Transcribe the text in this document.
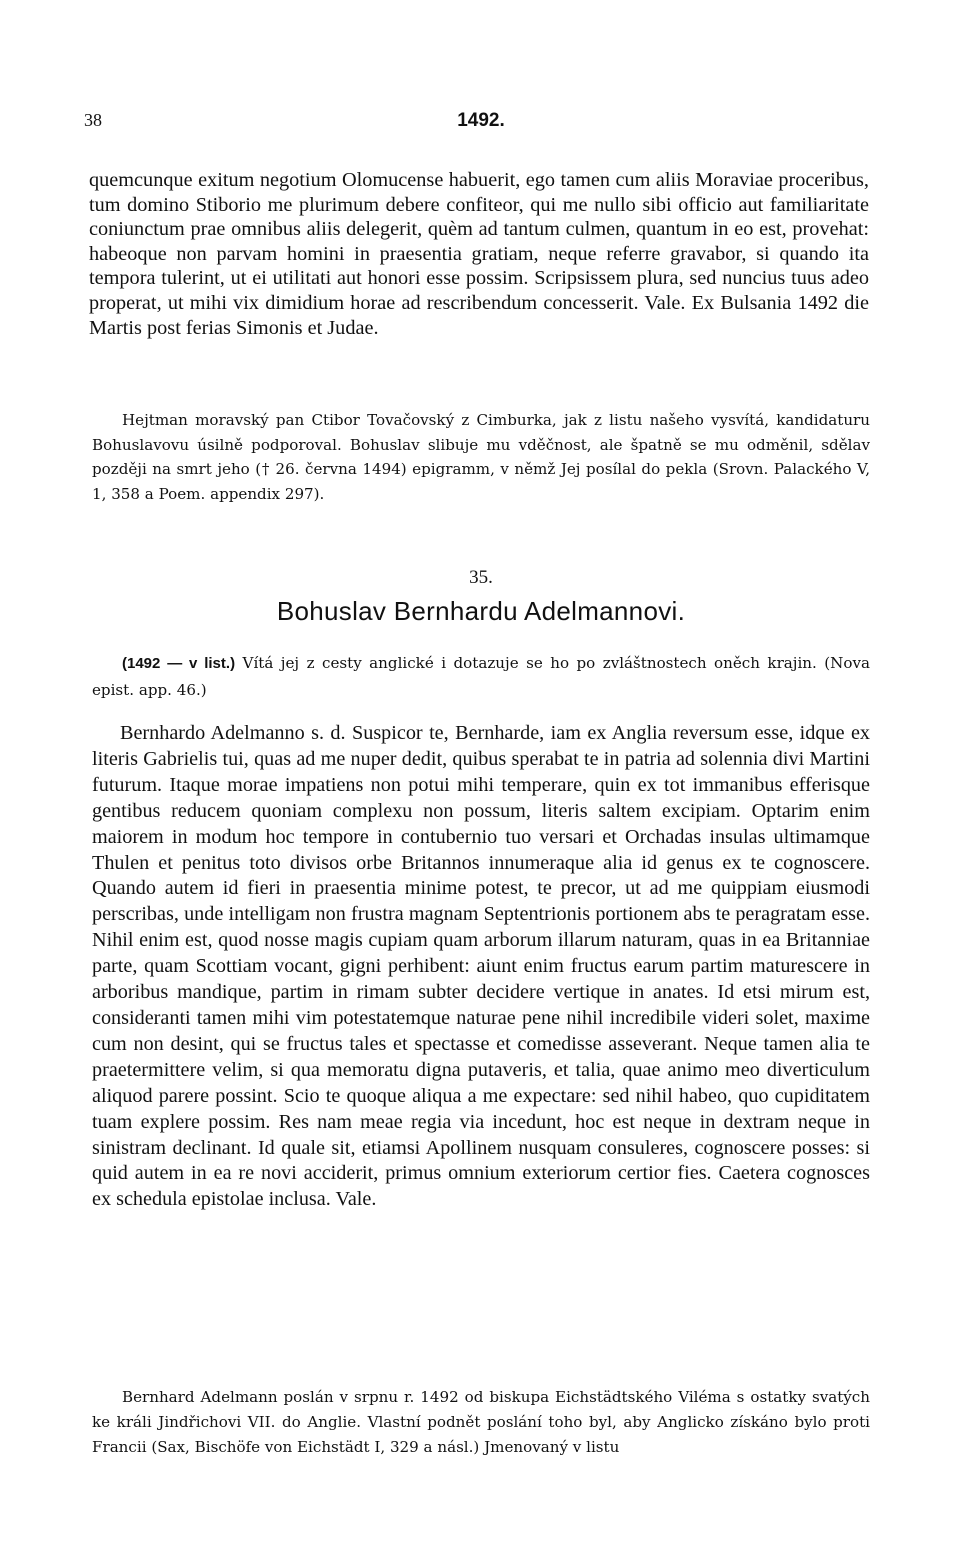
38	1492.

quemcunque exitum negotium Olomucense habuerit, ego tamen cum aliis Moraviae proceribus, tum domino Stiborio me plurimum debere confiteor, qui me nullo sibi officio aut familiaritate coniunctum prae omnibus aliis delegerit, quèm ad tantum culmen, quantum in eo est, provehat: habeoque non parvam homini in praesentia gratiam, neque referre gravabor, si quando ita tempora tulerint, ut ei utilitati aut honori esse possim. Scripsissem plura, sed nuncius tuus adeo properat, ut mihi vix dimidium horae ad rescribendum concesserit. Vale. Ex Bulsania 1492 die Martis post ferias Simonis et Judae.

Hejtman moravský pan Ctibor Tovačovský z Cimburka, jak z listu našeho vysvítá, kandidaturu Bohuslavovu úsilně podporoval. Bohuslav slibuje mu vděčnost, ale špatně se mu odměnil, sdělav později na smrt jeho († 26. června 1494) epigramm, v němž Jej posílal do pekla (Srovn. Palackého V, 1, 358 a Poem. appendix 297).

35.
Bohuslav Bernhardu Adelmannovi.

(1492 — v list.) Vítá jej z cesty anglické i dotazuje se ho po zvláštnostech oněch krajin. (Nova epist. app. 46.)

Bernhardo Adelmanno s. d. Suspicor te, Bernharde, iam ex Anglia reversum esse, idque ex literis Gabrielis tui, quas ad me nuper dedit, quibus sperabat te in patria ad solennia divi Martini futurum. Itaque morae impatiens non potui mihi temperare, quin ex tot immanibus efferisque gentibus reducem quoniam complexu non possum, literis saltem excipiam. Optarim enim maiorem in modum hoc tempore in contubernio tuo versari et Orchadas insulas ultimamque Thulen et penitus toto divisos orbe Britannos innumeraque alia id genus ex te cognoscere. Quando autem id fieri in praesentia minime potest, te precor, ut ad me quippiam eiusmodi perscribas, unde intelligam non frustra magnam Septentrionis portionem abs te peragratam esse. Nihil enim est, quod nosse magis cupiam quam arborum illarum naturam, quas in ea Britanniae parte, quam Scottiam vocant, gigni perhibent: aiunt enim fructus earum partim maturescere in arboribus mandique, partim in rimam subter decidere vertique in anates. Id etsi mirum est, consideranti tamen mihi vim potestatemque naturae pene nihil incredibile videri solet, maxime cum non desint, qui se fructus tales et spectasse et comedisse asseverant. Neque tamen alia te praetermittere velim, si qua memoratu digna putaveris, et talia, quae animo meo diverticulum aliquod parere possint. Scio te quoque aliqua a me expectare: sed nihil habeo, quo cupiditatem tuam explere possim. Res nam meae regia via incedunt, hoc est neque in dextram neque in sinistram declinant. Id quale sit, etiamsi Apollinem nusquam consuleres, cognoscere posses: si quid autem in ea re novi acciderit, primus omnium exteriorum certior fies. Caetera cognosces ex schedula epistolae inclusa. Vale.

Bernhard Adelmann poslán v srpnu r. 1492 od biskupa Eichstädtského Viléma s ostatky svatých ke králi Jindřichovi VII. do Anglie. Vlastní podnět poslání toho byl, aby Anglicko získáno bylo proti Francii (Sax, Bischöfe von Eichstädt I, 329 a násl.) Jmenovaný v listu
